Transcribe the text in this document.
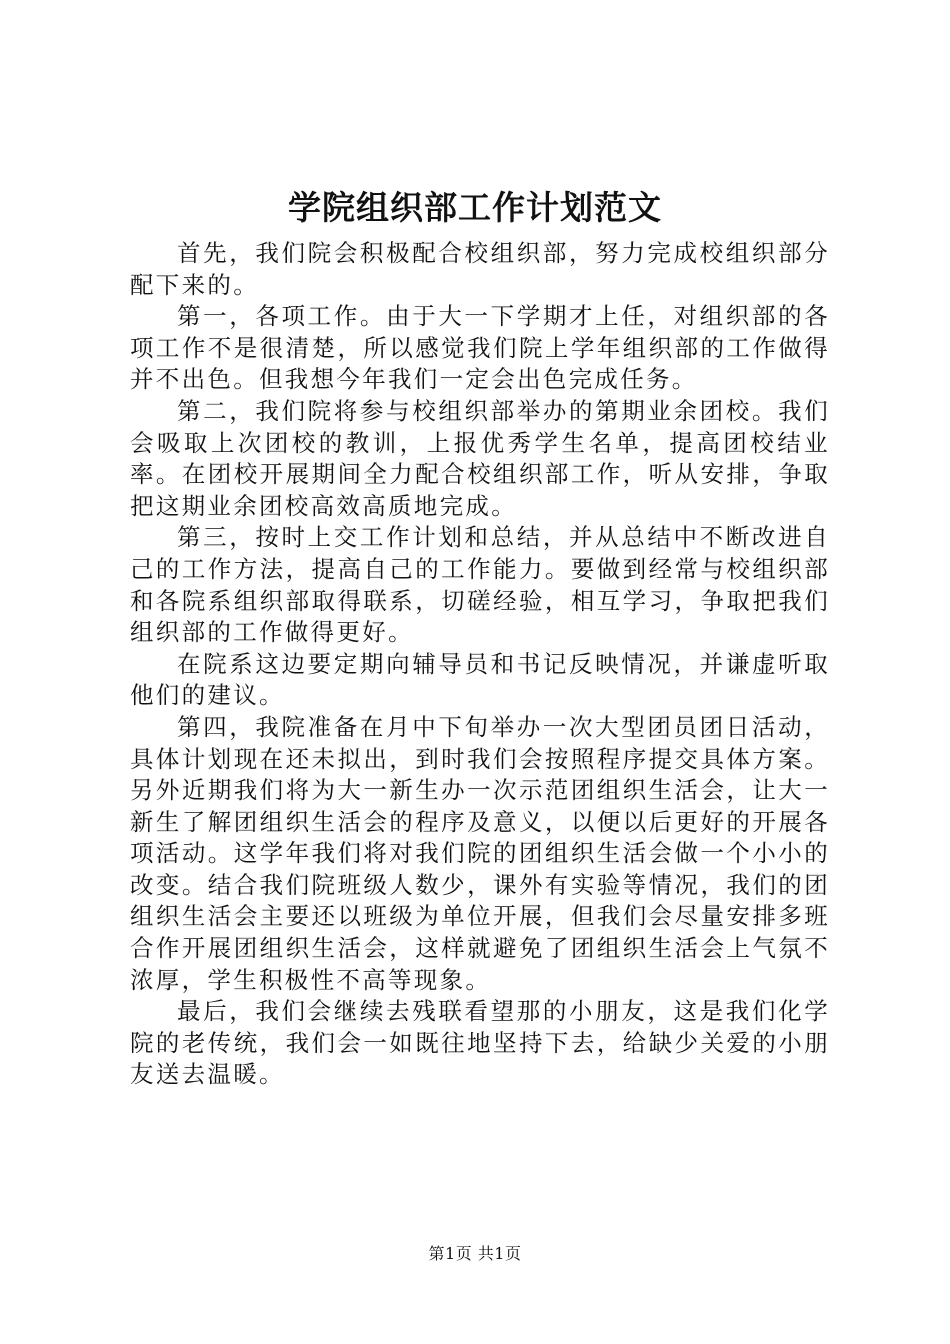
学院组织部工作计划范文

首先，我们院会积极配合校组织部，努力完成校组织部分配下来的。

第一，各项工作。由于大一下学期才上任，对组织部的各项工作不是很清楚，所以感觉我们院上学年组织部的工作做得并不出色。但我想今年我们一定会出色完成任务。

第二，我们院将参与校组织部举办的第期业余团校。我们会吸取上次团校的教训，上报优秀学生名单，提高团校结业率。在团校开展期间全力配合校组织部工作，听从安排，争取把这期业余团校高效高质地完成。

第三，按时上交工作计划和总结，并从总结中不断改进自己的工作方法，提高自己的工作能力。要做到经常与校组织部和各院系组织部取得联系，切磋经验，相互学习，争取把我们组织部的工作做得更好。

在院系这边要定期向辅导员和书记反映情况，并谦虚听取他们的建议。

第四，我院准备在月中下旬举办一次大型团员团日活动，具体计划现在还未拟出，到时我们会按照程序提交具体方案。另外近期我们将为大一新生办一次示范团组织生活会，让大一新生了解团组织生活会的程序及意义，以便以后更好的开展各项活动。这学年我们将对我们院的团组织生活会做一个小小的改变。结合我们院班级人数少，课外有实验等情况，我们的团组织生活会主要还以班级为单位开展，但我们会尽量安排多班合作开展团组织生活会，这样就避免了团组织生活会上气氛不浓厚，学生积极性不高等现象。

最后，我们会继续去残联看望那的小朋友，这是我们化学院的老传统，我们会一如既往地坚持下去，给缺少关爱的小朋友送去温暖。

第1页 共1页
